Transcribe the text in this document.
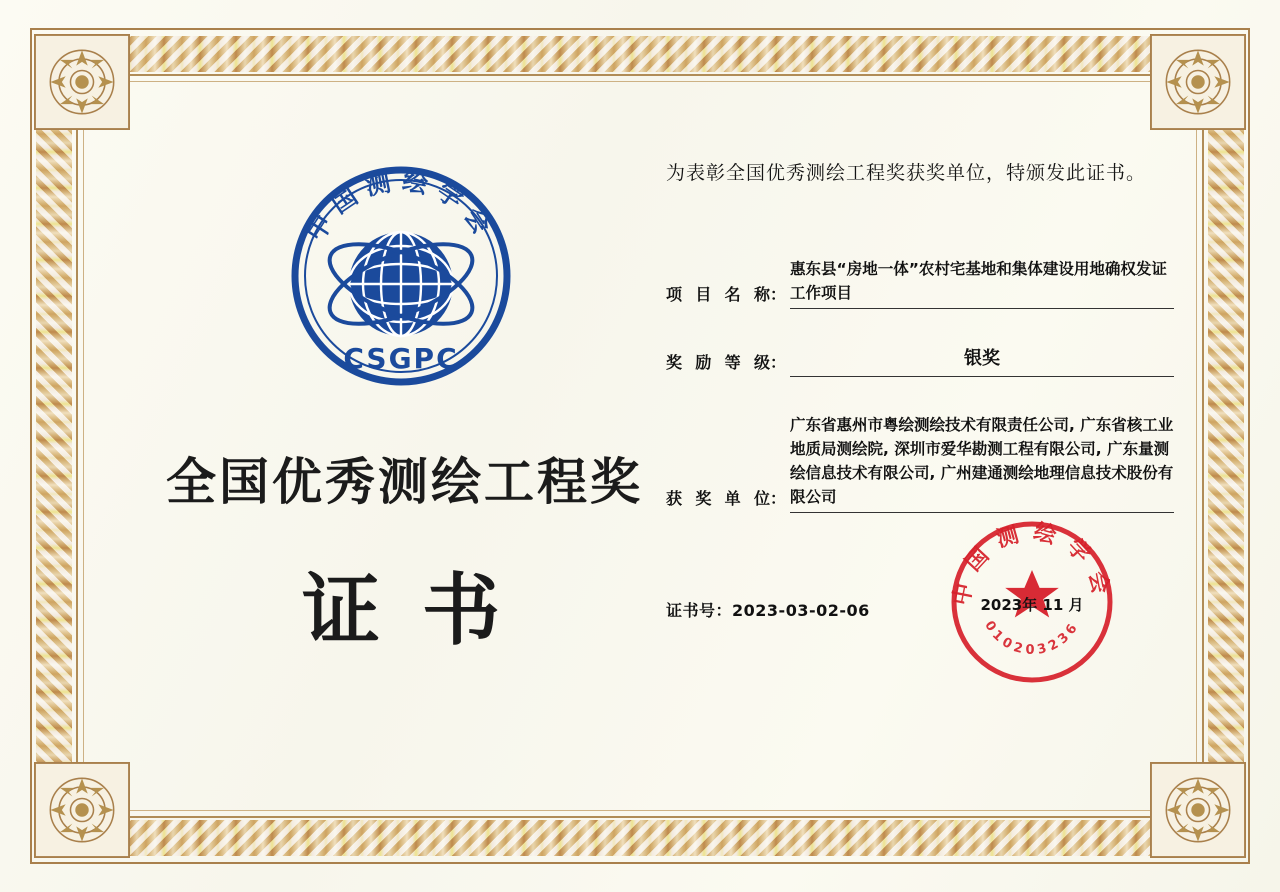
中国测绘学会
CSGPC
全国优秀测绘工程奖
证书
为表彰全国优秀测绘工程奖获奖单位，特颁发此证书。
项目名称 ：
惠东县“房地一体”农村宅基地和集体建设用地确权发证工作项目
奖励等级 ：	银奖
获奖单位 ：
广东省惠州市粤绘测绘技术有限责任公司, 广东省核工业地质局测绘院, 深圳市爱华勘测工程有限公司, 广东量测绘信息技术有限公司, 广州建通测绘地理信息技术股份有限公司
证书号：2023-03-02-06
中国测绘学会
010203236
2023年 11 月
